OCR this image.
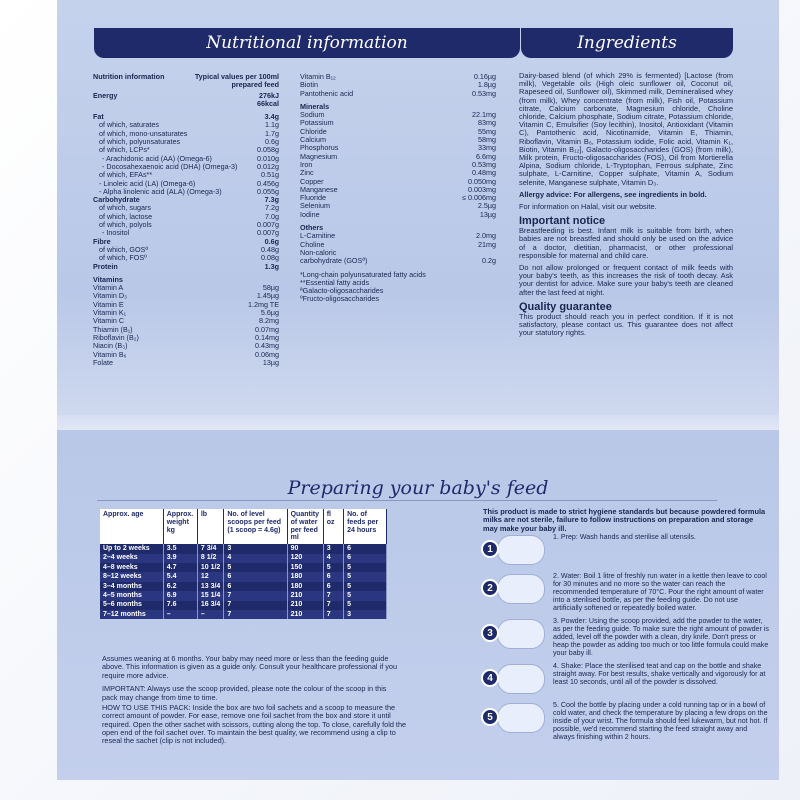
Nutritional information	Ingredients
Nutrition information	Typical values per 100ml prepared feed
Energy	276kJ
66kcal
Fat	3.4g
of which, saturates	1.1g
of which, mono-unsaturates	1.7g
of which, polyunsaturates	0.6g
of which, LCPs*	0.058g
- Arachidonic acid (AA) (Omega-6)	0.010g
- Docosahexaenoic acid (DHA) (Omega-3)	0.012g
of which, EFAs**	0.51g
- Linoleic acid (LA) (Omega-6)	0.456g
- Alpha linolenic acid (ALA) (Omega-3)	0.055g
Carbohydrate	7.3g
of which, sugars	7.2g
of which, lactose	7.0g
of which, polyols	0.007g
- Inositol	0.007g
Fibre	0.6g
of which, GOSª	0.48g
of which, FOSº	0.08g
Protein	1.3g
Vitamins
Vitamin A	58µg
Vitamin D₃	1.45µg
Vitamin E	1.2mg TE
Vitamin K₁	5.6µg
Vitamin C	8.2mg
Thiamin (B₁)	0.07mg
Riboflavin (B₂)	0.14mg
Niacin (B₃)	0.43mg
Vitamin B₆	0.06mg
Folate	13µg
Vitamin B₁₂	0.16µg
Biotin	1.8µg
Pantothenic acid	0.53mg
Minerals
Sodium	22.1mg
Potassium	83mg
Chloride	55mg
Calcium	58mg
Phosphorus	33mg
Magnesium	6.6mg
Iron	0.53mg
Zinc	0.48mg
Copper	0.050mg
Manganese	0.003mg
Fluoride	≤ 0.006mg
Selenium	2.5µg
Iodine	13µg
Others
L-Carnitine	2.0mg
Choline	21mg
Non-caloric
carbohydrate (GOSª)	0.2g
*Long-chain polyunsaturated fatty acids
**Essential fatty acids
ªGalacto-oligosaccharides
ºFructo-oligosaccharides

Dairy-based blend (of which 29% is fermented) [Lactose (from milk), Vegetable oils (High oleic sunflower oil, Coconut oil, Rapeseed oil, Sunflower oil), Skimmed milk, Demineralised whey (from milk), Whey concentrate (from milk), Fish oil, Potassium citrate, Calcium carbonate, Magnesium chloride, Choline chloride, Calcium phosphate, Sodium citrate, Potassium chloride, Vitamin C, Emulsifier (Soy lecithin), Inositol, Antioxidant (Vitamin C), Pantothenic acid, Nicotinamide, Vitamin E, Thiamin, Riboflavin, Vitamin B₆, Potassium iodide, Folic acid, Vitamin K₁, Biotin, Vitamin B₁₂], Galacto-oligosaccharides (GOS) (from milk), Milk protein, Fructo-oligosaccharides (FOS), Oil from Mortierella Alpina, Sodium chloride, L-Tryptophan, Ferrous sulphate, Zinc sulphate, L-Carnitine, Copper sulphate, Vitamin A, Sodium selenite, Manganese sulphate, Vitamin D₃.

Allergy advice: For allergens, see ingredients in bold.

For information on Halal, visit our website.

Important notice

Breastfeeding is best. Infant milk is suitable from birth, when babies are not breastfed and should only be used on the advice of a doctor, dietitian, pharmacist, or other professional responsible for maternal and child care.

Do not allow prolonged or frequent contact of milk feeds with your baby's teeth, as this increases the risk of tooth decay. Ask your dentist for advice. Make sure your baby's teeth are cleaned after the last feed at night.

Quality guarantee

This product should reach you in perfect condition. If it is not satisfactory, please contact us. This guarantee does not affect your statutory rights.

Preparing your baby's feed
Approx. age	Approx. weight kg	lb	No. of level scoops per feed (1 scoop = 4.6g)	Quantity of water per feed ml	fl oz	No. of feeds per 24 hours
Up to 2 weeks	3.5	7 3/4	3	90	3	6
2–4 weeks	3.9	8 1/2	4	120	4	6
4–8 weeks	4.7	10 1/2	5	150	5	5
8–12 weeks	5.4	12	6	180	6	5
3–4 months	6.2	13 3/4	6	180	6	5
4–5 months	6.9	15 1/4	7	210	7	5
5–6 months	7.6	16 3/4	7	210	7	5
7–12 months	–	–	7	210	7	3

Assumes weaning at 6 months. Your baby may need more or less than the feeding guide above. This information is given as a guide only. Consult your healthcare professional if you require more advice.

IMPORTANT: Always use the scoop provided, please note the colour of the scoop in this pack may change from time to time.

HOW TO USE THIS PACK: Inside the box are two foil sachets and a scoop to measure the correct amount of powder. For ease, remove one foil sachet from the box and store it until required. Open the other sachet with scissors, cutting along the top. To close, carefully fold the open end of the foil sachet over. To maintain the best quality, we recommend using a clip to reseal the sachet (clip is not included).
This product is made to strict hygiene standards but because powdered formula milks are not sterile, failure to follow instructions on preparation and storage may make your baby ill.
1
1. Prep: Wash hands and sterilise all utensils.
2
2. Water: Boil 1 litre of freshly run water in a kettle then leave to cool for 30 minutes and no more so the water can reach the recommended temperature of 70°C. Pour the right amount of water into a sterilised bottle, as per the feeding guide. Do not use artificially softened or repeatedly boiled water.
3
3. Powder: Using the scoop provided, add the powder to the water, as per the feeding guide. To make sure the right amount of powder is added, level off the powder with a clean, dry knife. Don't press or heap the powder as adding too much or too little formula could make your baby ill.
4
4. Shake: Place the sterilised teat and cap on the bottle and shake straight away. For best results, shake vertically and vigorously for at least 10 seconds, until all of the powder is dissolved.
5
5. Cool the bottle by placing under a cold running tap or in a bowl of cold water, and check the temperature by placing a few drops on the inside of your wrist. The formula should feel lukewarm, but not hot. If possible, we'd recommend starting the feed straight away and always finishing within 2 hours.
